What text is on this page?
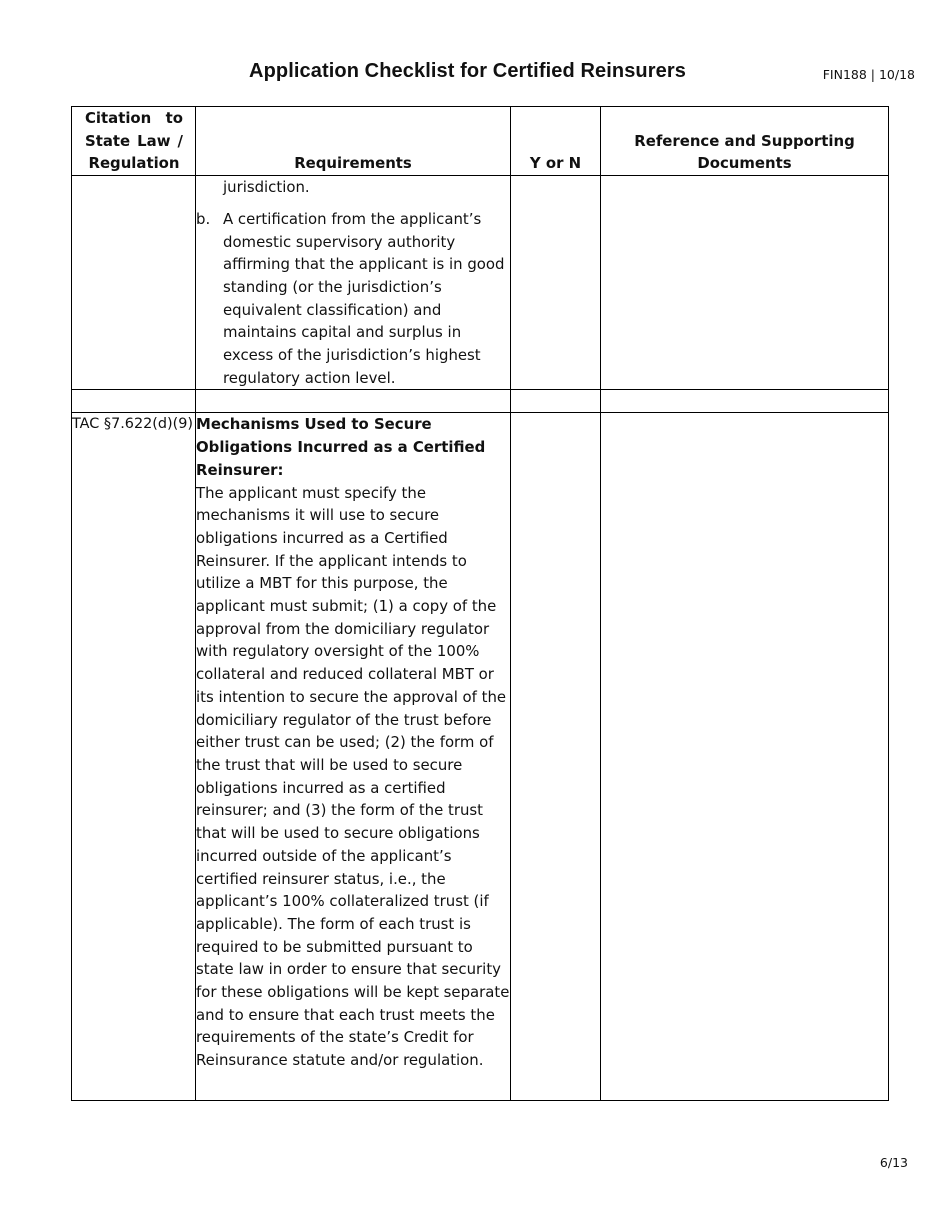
Application Checklist for Certified Reinsurers	FIN188 | 10/18
Citation to
State Law /
Regulation	Requirements	Y or N	Reference and Supporting
Documents

	jurisdiction.
b. A certification from the applicant’s domestic supervisory authority affirming that the applicant is in good standing (or the jurisdiction’s equivalent classification) and maintains capital and surplus in excess of the jurisdiction’s highest regulatory action level.		

TAC §7.622(d)(9)	Mechanisms Used to Secure Obligations Incurred as a Certified Reinsurer:
The applicant must specify the mechanisms it will use to secure obligations incurred as a Certified Reinsurer. If the applicant intends to utilize a MBT for this purpose, the applicant must submit; (1) a copy of the approval from the domiciliary regulator with regulatory oversight of the 100% collateral and reduced collateral MBT or its intention to secure the approval of the domiciliary regulator of the trust before either trust can be used; (2) the form of the trust that will be used to secure obligations incurred as a certified reinsurer; and (3) the form of the trust that will be used to secure obligations incurred outside of the applicant’s certified reinsurer status, i.e., the applicant’s 100% collateralized trust (if applicable). The form of each trust is required to be submitted pursuant to state law in order to ensure that security for these obligations will be kept separate and to ensure that each trust meets the requirements of the state’s Credit for Reinsurance statute and/or regulation.		

6/13
